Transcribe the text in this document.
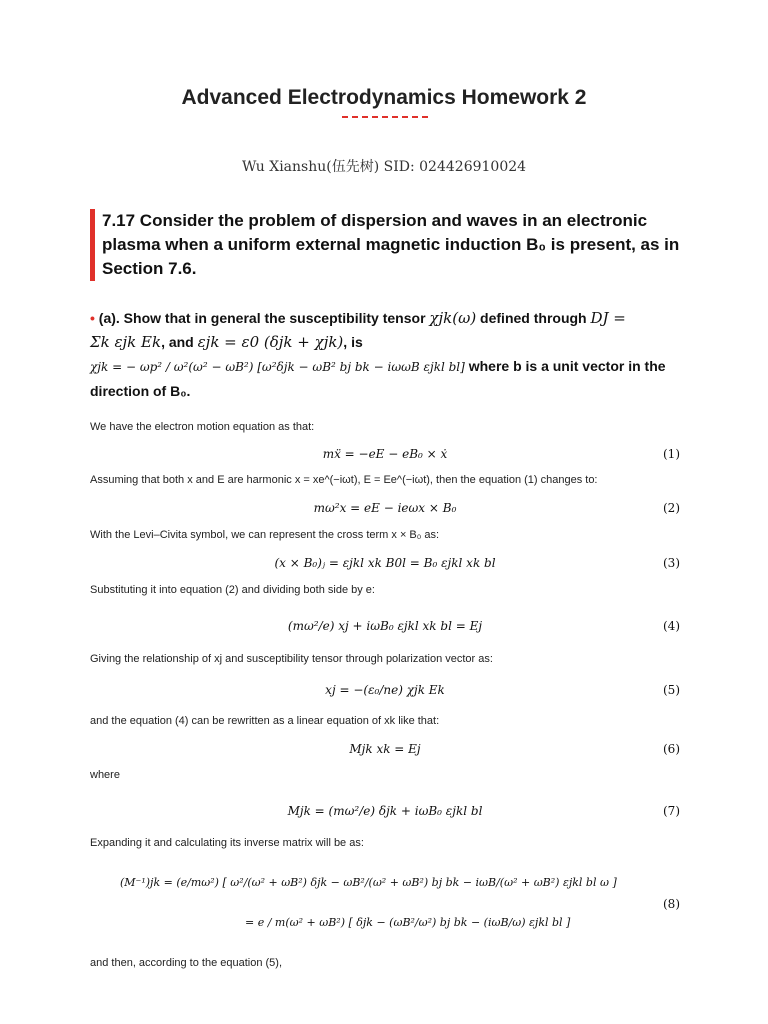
Advanced Electrodynamics Homework 2
Wu Xianshu(伍先树) SID: 024426910024
7.17 Consider the problem of dispersion and waves in an electronic plasma when a uniform external magnetic induction B₀ is present, as in Section 7.6.
• (a). Show that in general the susceptibility tensor χjk(ω) defined through DJ =
Σk εjk Ek, and εjk = ε0 (δjk + χjk), is
χjk = − ωp² / ω²(ω² − ωB²) [ω²δjk − ωB² bj bk − iωωB εjkl bl] where b is a unit vector in the
direction of B₀.
We have the electron motion equation as that:
mẍ = −eE − eB₀ × ẋ	(1)
Assuming that both x and E are harmonic x = xe^(−iωt), E = Ee^(−iωt), then the equation (1) changes to:
mω²x = eE − ieωx × B₀	(2)
With the Levi–Civita symbol, we can represent the cross term x × B₀ as:
(x × B₀)ⱼ = εjkl xk B0l = B₀ εjkl xk bl	(3)
Substituting it into equation (2) and dividing both side by e:
(mω²/e) xj + iωB₀ εjkl xk bl = Ej	(4)
Giving the relationship of xj and susceptibility tensor through polarization vector as:
xj = −(ε₀/ne) χjk Ek	(5)
and the equation (4) can be rewritten as a linear equation of xk like that:
Mjk xk = Ej	(6)
where
Mjk = (mω²/e) δjk + iωB₀ εjkl bl	(7)
Expanding it and calculating its inverse matrix will be as:
(M⁻¹)jk = (e/mω²) [ ω²/(ω² + ωB²) δjk − ωB²/(ω² + ωB²) bj bk − iωB/(ω² + ωB²) εjkl bl ω ]
= e / m(ω² + ωB²) [ δjk − (ωB²/ω²) bj bk − (iωB/ω) εjkl bl ]
(8)
and then, according to the equation (5),
